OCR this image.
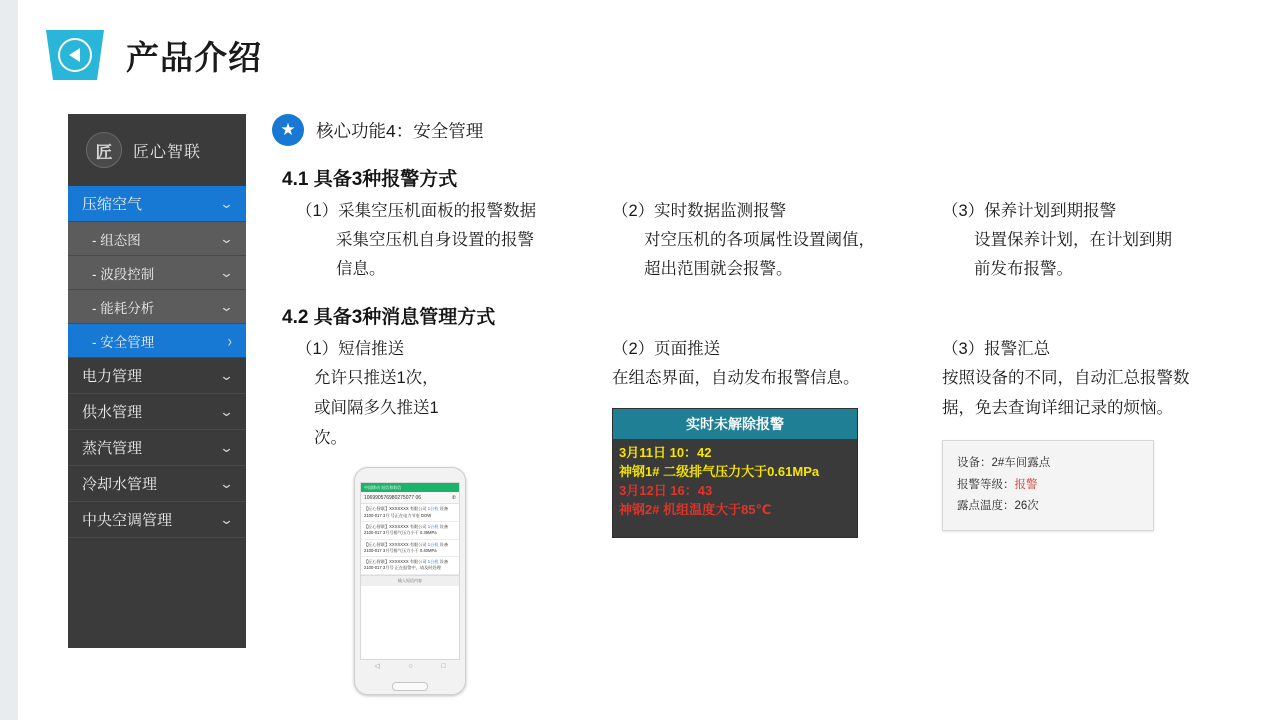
产品介绍
匠	匠心智联
压缩空气	⌄
- 组态图	⌄
- 波段控制	⌄
- 能耗分析	⌄
- 安全管理	›
电力管理	⌄
供水管理	⌄
蒸汽管理	⌄
冷却水管理	⌄
中央空调管理	⌄
★	核心功能4：安全管理
4.1 具备3种报警方式
（1）采集空压机面板的报警数据
采集空压机自身设置的报警
信息。
（2）实时数据监测报警
对空压机的各项属性设置阈值，
超出范围就会报警。
（3）保养计划到期报警
设置保养计划，在计划到期
前发布报警。
4.2 具备3种消息管理方式
（1）短信推送
允许只推送1次，
或间隔多久推送1
次。
中国移动 短信和彩信
106990576980275077 06	✆
【匠心智联】XXXXXXX 有限公司 1台机 设备2100-017 3月 号正在电力节电 DOW
【匠心智联】XXXXXXX 有限公司 1台机 设备2100-017 3月号排气压力小于 0.39MPa
【匠心智联】XXXXXXX 有限公司 1台机 设备2100-017 3月号排气压力小于 0.40MPa
【匠心智联】XXXXXXX 有限公司 1台机 设备2100-017 3月号 正在报警中，请及时处理
输入短信内容
◁	○	□
（2）页面推送
在组态界面，自动发布报警信息。
实时未解除报警
3月11日 10：42
神钢1# 二级排气压力大于0.61MPa
3月12日 16：43
神钢2# 机组温度大于85℃
（3）报警汇总
按照设备的不同，自动汇总报警数
据，免去查询详细记录的烦恼。
设备：2#车间露点
报警等级：报警
露点温度：26次
